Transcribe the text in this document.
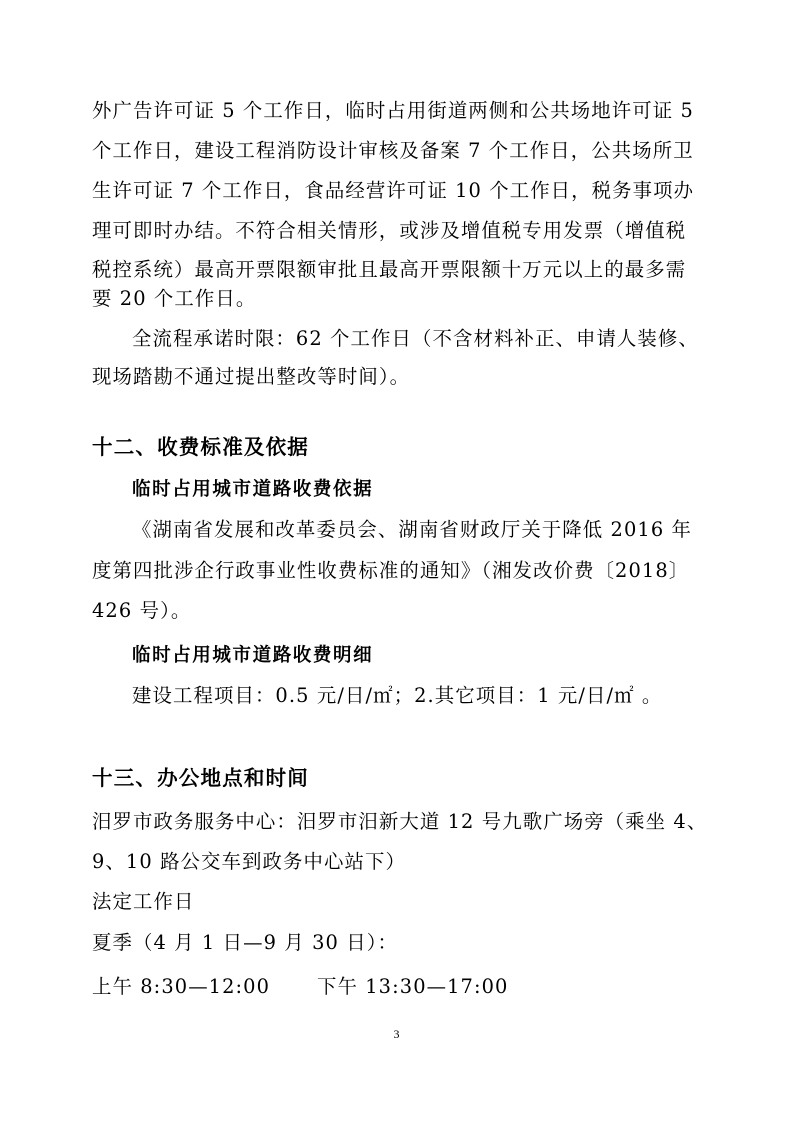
外广告许可证 5 个工作日，临时占用街道两侧和公共场地许可证 5
个工作日，建设工程消防设计审核及备案 7 个工作日，公共场所卫
生许可证 7 个工作日，食品经营许可证 10 个工作日，税务事项办
理可即时办结。不符合相关情形，或涉及增值税专用发票（增值税
税控系统）最高开票限额审批且最高开票限额十万元以上的最多需
要 20 个工作日。
全流程承诺时限：62 个工作日（不含材料补正、申请人装修、
现场踏勘不通过提出整改等时间）。
十二、收费标准及依据
临时占用城市道路收费依据
《湖南省发展和改革委员会、湖南省财政厅关于降低 2016 年
度第四批涉企行政事业性收费标准的通知》（湘发改价费〔2018〕
426 号）。
临时占用城市道路收费明细
建设工程项目：0.5 元/日/㎡；2.其它项目：1 元/日/㎡ 。
十三、办公地点和时间
汨罗市政务服务中心：汨罗市汨新大道 12 号九歌广场旁（乘坐 4、
9、10 路公交车到政务中心站下）
法定工作日
夏季（4 月 1 日—9 月 30 日）：
上午 8:30—12:00 下午 13:30—17:00
3
